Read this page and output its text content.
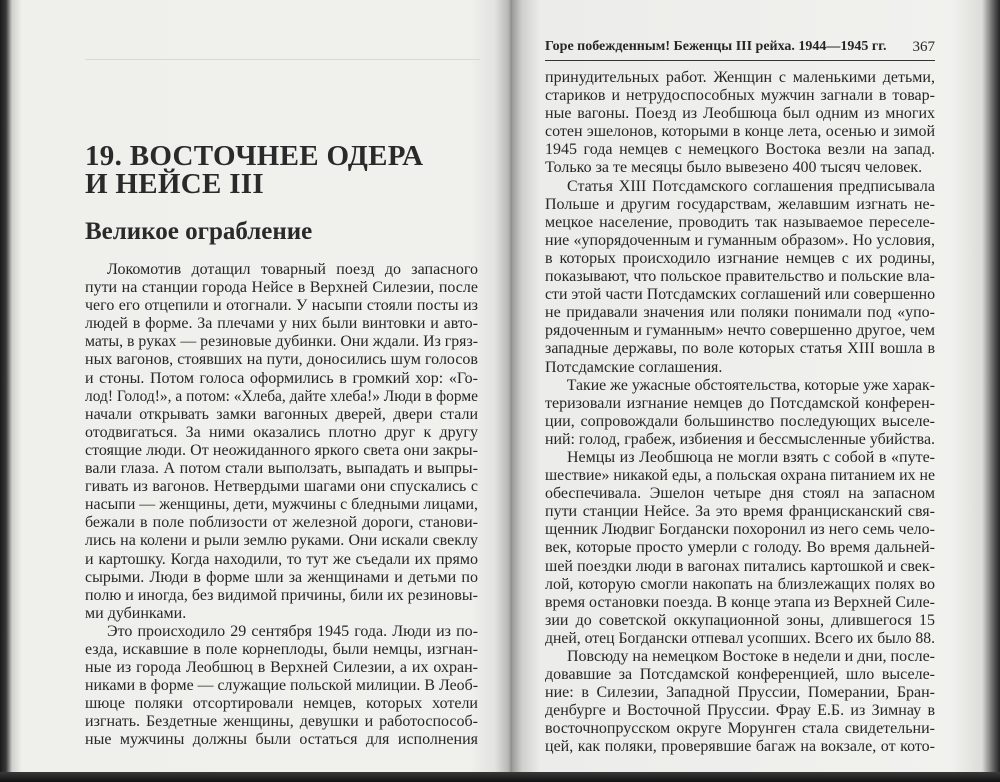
19. ВОСТОЧНЕЕ ОДЕРА
И НЕЙСЕ III
Великое ограбление
Горе побежденным! Беженцы III рейха. 1944—1945 гг. 367
Локомотив дотащил товарный поезд до запасного
пути на станции города Нейсе в Верхней Силезии, после
чего его отцепили и отогнали. У насыпи стояли посты из
людей в форме. За плечами у них были винтовки и авто-
маты, в руках — резиновые дубинки. Они ждали. Из гряз-
ных вагонов, стоявших на пути, доносились шум голосов
и стоны. Потом голоса оформились в громкий хор: «Го-
лод! Голод!», а потом: «Хлеба, дайте хлеба!» Люди в форме
начали открывать замки вагонных дверей, двери стали
отодвигаться. За ними оказались плотно друг к другу
стоящие люди. От неожиданного яркого света они закры-
вали глаза. А потом стали выползать, выпадать и выпры-
гивать из вагонов. Нетвердыми шагами они спускались с
насыпи — женщины, дети, мужчины с бледными лицами,
бежали в поле поблизости от железной дороги, станови-
лись на колени и рыли землю руками. Они искали свеклу
и картошку. Когда находили, то тут же съедали их прямо
сырыми. Люди в форме шли за женщинами и детьми по
полю и иногда, без видимой причины, били их резиновы-
ми дубинками.
Это происходило 29 сентября 1945 года. Люди из по-
езда, искавшие в поле корнеплоды, были немцы, изгнан-
ные из города Леобшюц в Верхней Силезии, а их охран-
никами в форме — служащие польской милиции. В Леоб-
шюце поляки отсортировали немцев, которых хотели
изгнать. Бездетные женщины, девушки и работоспособ-
ные мужчины должны были остаться для исполнения
принудительных работ. Женщин с маленькими детьми,
стариков и нетрудоспособных мужчин загнали в товар-
ные вагоны. Поезд из Леобшюца был одним из многих
сотен эшелонов, которыми в конце лета, осенью и зимой
1945 года немцев с немецкого Востока везли на запад.
Только за те месяцы было вывезено 400 тысяч человек.
Статья XIII Потсдамского соглашения предписывала
Польше и другим государствам, желавшим изгнать не-
мецкое население, проводить так называемое переселе-
ние «упорядоченным и гуманным образом». Но условия,
в которых происходило изгнание немцев с их родины,
показывают, что польское правительство и польские вла-
сти этой части Потсдамских соглашений или совершенно
не придавали значения или поляки понимали под «упо-
рядоченным и гуманным» нечто совершенно другое, чем
западные державы, по воле которых статья XIII вошла в
Потсдамские соглашения.
Такие же ужасные обстоятельства, которые уже харак-
теризовали изгнание немцев до Потсдамской конферен-
ции, сопровождали большинство последующих выселе-
ний: голод, грабеж, избиения и бессмысленные убийства.
Немцы из Леобшюца не могли взять с собой в «путе-
шествие» никакой еды, а польская охрана питанием их не
обеспечивала. Эшелон четыре дня стоял на запасном
пути станции Нейсе. За это время францисканский свя-
щенник Людвиг Богдански похоронил из него семь чело-
век, которые просто умерли с голоду. Во время дальней-
шей поездки люди в вагонах питались картошкой и свек-
лой, которую смогли накопать на близлежащих полях во
время остановки поезда. В конце этапа из Верхней Силе-
зии до советской оккупационной зоны, длившегося 15
дней, отец Богдански отпевал усопших. Всего их было 88.
Повсюду на немецком Востоке в недели и дни, после-
довавшие за Потсдамской конференцией, шло выселе-
ние: в Силезии, Западной Пруссии, Померании, Бран-
денбурге и Восточной Пруссии. Фрау Е.Б. из Зимнау в
восточнопрусском округе Морунген стала свидетельни-
цей, как поляки, проверявшие багаж на вокзале, от кото-
